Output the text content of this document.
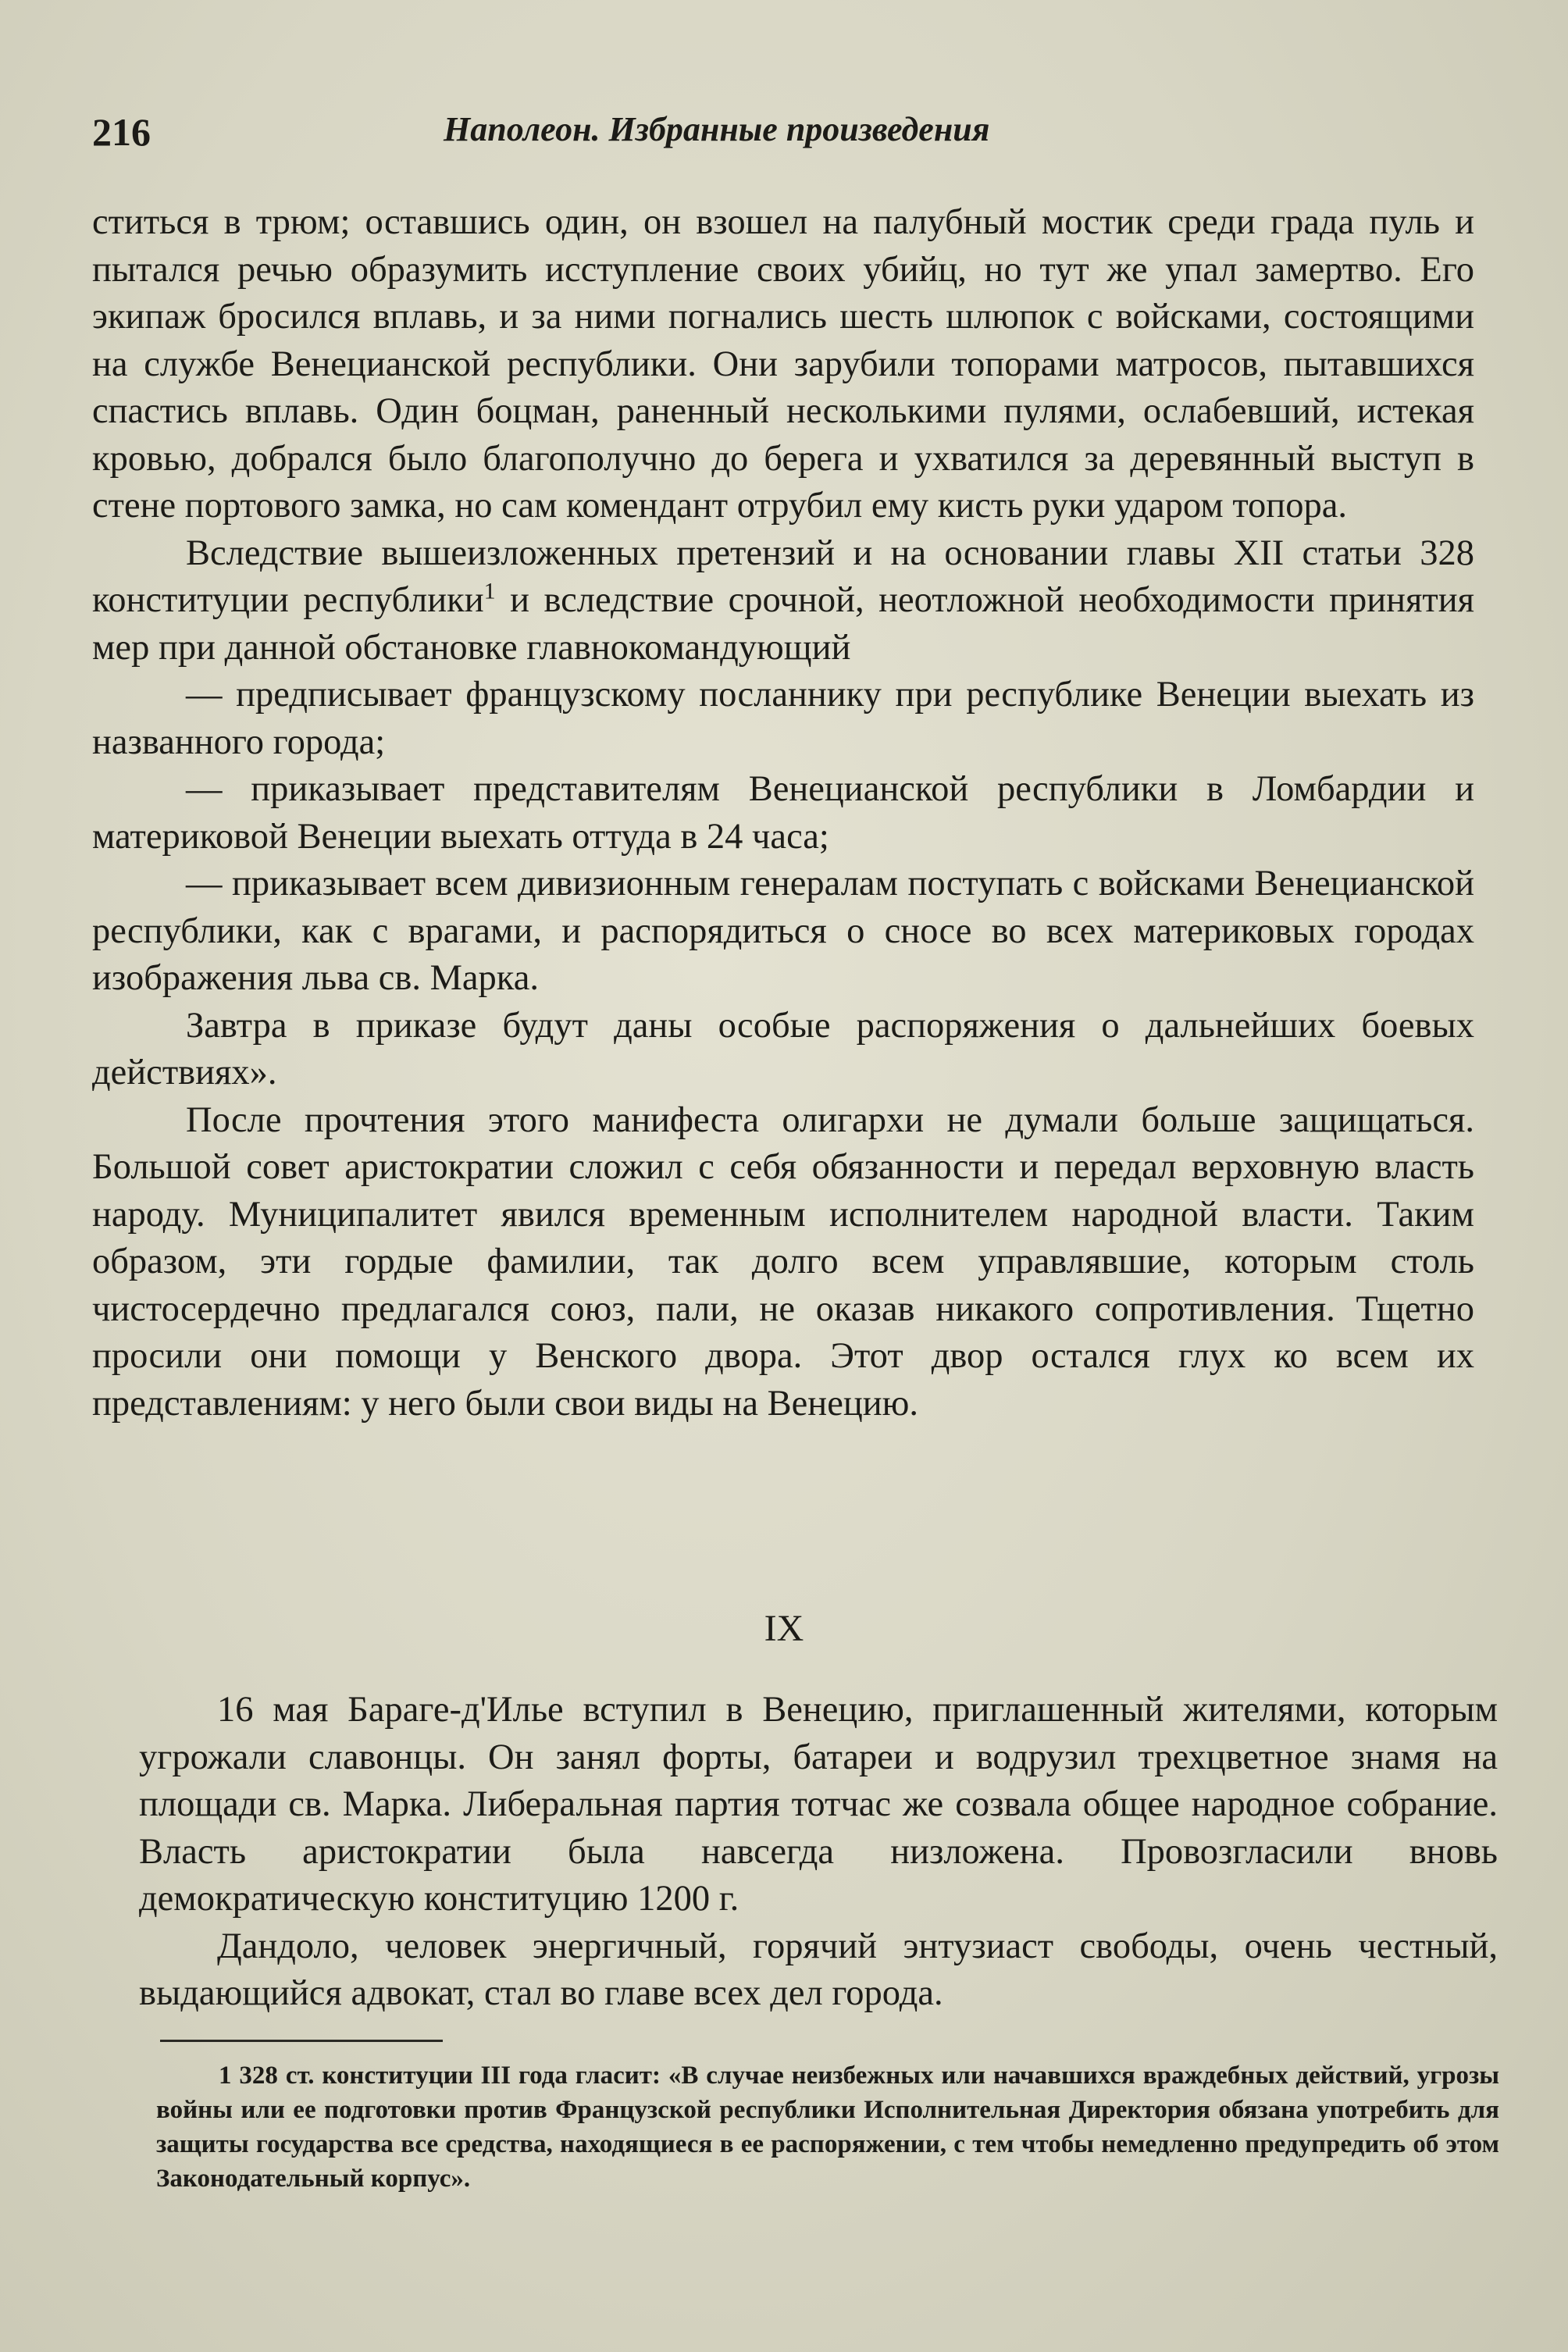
216	Наполеон. Избранные произведения

ститься в трюм; оставшись один, он взошел на палубный мостик среди града пуль и пытался речью образумить исступление своих убийц, но тут же упал замертво. Его экипаж бросился вплавь, и за ними погнались шесть шлюпок с войсками, состоящими на службе Венецианской республики. Они зарубили топорами матросов, пытавшихся спастись вплавь. Один боцман, раненный несколькими пулями, ослабевший, истекая кровью, добрался было благополучно до берега и ухватился за деревянный выступ в стене портового замка, но сам комендант отрубил ему кисть руки ударом топора.

Вследствие вышеизложенных претензий и на основании главы XII статьи 328 конституции республики$^1$ и вследствие срочной, неотложной необходимости принятия мер при данной обстановке главнокомандующий

— предписывает французскому посланнику при республике Венеции выехать из названного города;

— приказывает представителям Венецианской республики в Ломбардии и материковой Венеции выехать оттуда в 24 часа;

— приказывает всем дивизионным генералам поступать с войсками Венецианской республики, как с врагами, и распорядиться о сносе во всех материковых городах изображения льва св. Марка.

Завтра в приказе будут даны особые распоряжения о дальнейших боевых действиях».

После прочтения этого манифеста олигархи не думали больше защищаться. Большой совет аристократии сложил с себя обязанности и передал верховную власть народу. Муниципалитет явился временным исполнителем народной власти. Таким образом, эти гордые фамилии, так долго всем управлявшие, которым столь чистосердечно предлагался союз, пали, не оказав никакого сопротивления. Тщетно просили они помощи у Венского двора. Этот двор остался глух ко всем их представлениям: у него были свои виды на Венецию.

IX

16 мая Бараге-д'Илье вступил в Венецию, приглашенный жителями, которым угрожали славонцы. Он занял форты, батареи и водрузил трехцветное знамя на площади св. Марка. Либеральная партия тотчас же созвала общее народное собрание. Власть аристократии была навсегда низложена. Провозгласили вновь демократическую конституцию 1200 г.

Дандоло, человек энергичный, горячий энтузиаст свободы, очень честный, выдающийся адвокат, стал во главе всех дел города.

1 328 ст. конституции III года гласит: «В случае неизбежных или начавшихся враждебных действий, угрозы войны или ее подготовки против Французской республики Исполнительная Директория обязана употребить для защиты государства все средства, находящиеся в ее распоряжении, с тем чтобы немедленно предупредить об этом Законодательный корпус».
